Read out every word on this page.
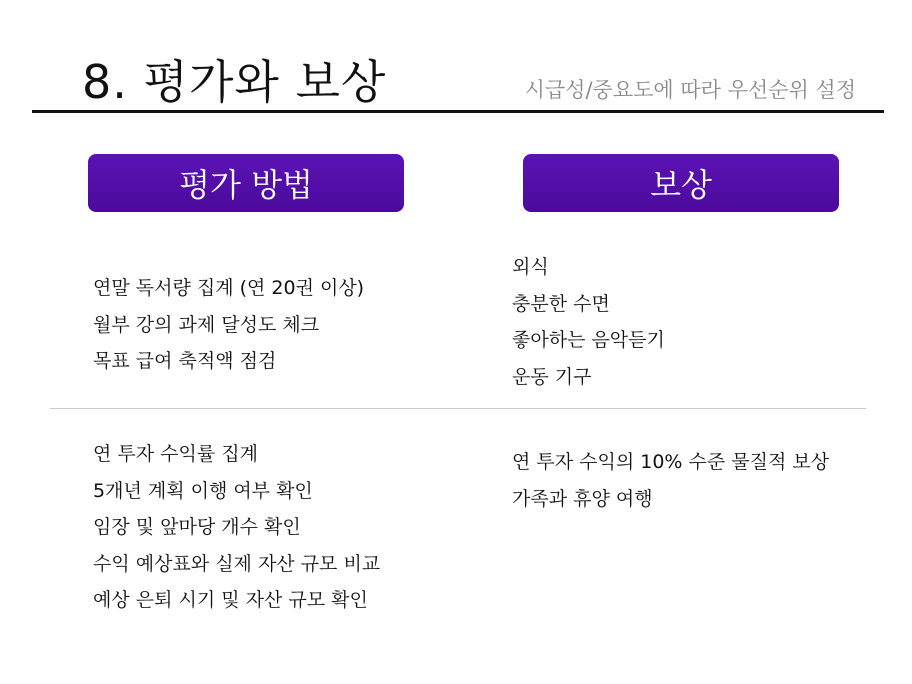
8. 평가와 보상	시급성/중요도에 따라 우선순위 설정
평가 방법	보상
연말 독서량 집계 (연 20권 이상)
월부 강의 과제 달성도 체크
목표 급여 축적액 점검
외식
충분한 수면
좋아하는 음악듣기
운동 기구
연 투자 수익률 집계
5개년 계획 이행 여부 확인
임장 및 앞마당 개수 확인
수익 예상표와 실제 자산 규모 비교
예상 은퇴 시기 및 자산 규모 확인
연 투자 수익의 10% 수준 물질적 보상
가족과 휴양 여행
